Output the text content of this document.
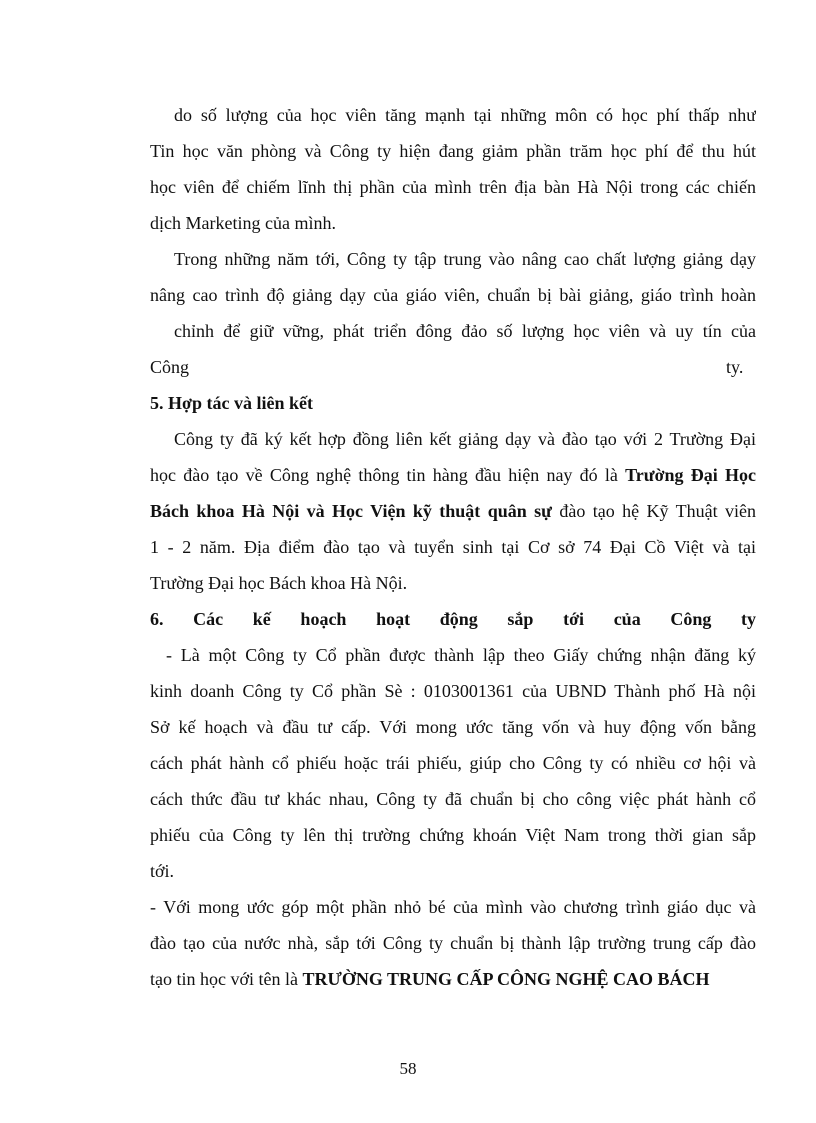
do số lượng của học viên tăng mạnh tại những môn có học phí thấp như
Tin học văn phòng và Công ty hiện đang giảm phần trăm học phí để thu hút
học viên để chiếm lĩnh thị phần của mình trên địa bàn Hà Nội trong các chiến
dịch Marketing của mình.
Trong những năm tới, Công ty tập trung vào nâng cao chất lượng giảng dạy
nâng cao trình độ giảng dạy của giáo viên, chuẩn bị bài giảng, giáo trình hoàn
chỉnh để giữ vững, phát triển đông đảo số lượng học viên và uy tín của
Công	ty.
5. Hợp tác và liên kết
Công ty đã ký kết hợp đồng liên kết giảng dạy và đào tạo với 2 Trường Đại
học đào tạo về Công nghệ thông tin hàng đầu hiện nay đó là Trường Đại Học
Bách khoa Hà Nội và Học Viện kỹ thuật quân sự đào tạo hệ Kỹ Thuật viên
1 - 2 năm. Địa điểm đào tạo và tuyển sinh tại Cơ sở 74 Đại Cồ Việt và tại
Trường Đại học Bách khoa Hà Nội.
6. Các kế hoạch hoạt động sắp tới của Công ty
- Là một Công ty Cổ phần được thành lập theo Giấy chứng nhận đăng ký
kinh doanh Công ty Cổ phần Sè : 0103001361 của UBND Thành phố Hà nội
Sở kế hoạch và đầu tư cấp. Với mong ước tăng vốn và huy động vốn bằng
cách phát hành cổ phiếu hoặc trái phiếu, giúp cho Công ty có nhiều cơ hội và
cách thức đầu tư khác nhau, Công ty đã chuẩn bị cho công việc phát hành cổ
phiếu của Công ty lên thị trường chứng khoán Việt Nam trong thời gian sắp
tới.
- Với mong ước góp một phần nhỏ bé của mình vào chương trình giáo dục và
đào tạo của nước nhà, sắp tới Công ty chuẩn bị thành lập trường trung cấp đào
tạo tin học với tên là TRƯỜNG TRUNG CẤP CÔNG NGHỆ CAO BÁCH
58
